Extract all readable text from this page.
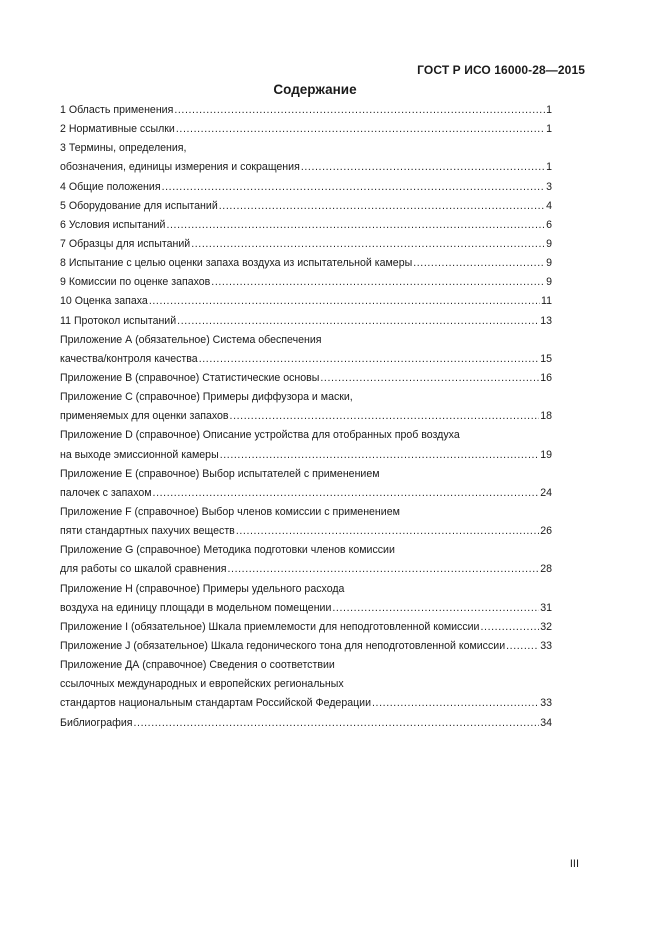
ГОСТ Р ИСО 16000-28—2015
Содержание
1 Область применения .....	1
2 Нормативные ссылки .....	1
3 Термины, определения,
обозначения, единицы измерения и сокращения .....	1
4 Общие положения .....	3
5 Оборудование для испытаний .....	4
6 Условия испытаний .....	6
7 Образцы для испытаний .....	9
8 Испытание с целью оценки запаха воздуха из испытательной камеры .....	9
9 Комиссии по оценке запахов .....	9
10 Оценка запаха .....	11
11 Протокол испытаний .....	13
Приложение А (обязательное) Система обеспечения
качества/контроля качества .....	15
Приложение В (справочное) Статистические основы .....	16
Приложение С (справочное) Примеры диффузора и маски,
применяемых для оценки запахов .....	18
Приложение D (справочное) Описание устройства для отобранных проб воздуха
на выходе эмиссионной камеры .....	19
Приложение Е (справочное) Выбор испытателей с применением
палочек с запахом .....	24
Приложение F (справочное) Выбор членов комиссии с применением
пяти стандартных пахучих веществ .....	26
Приложение G (справочное) Методика подготовки членов комиссии
для работы со шкалой сравнения .....	28
Приложение Н (справочное) Примеры удельного расхода
воздуха на единицу площади в модельном помещении .....	31
Приложение I (обязательное) Шкала приемлемости для неподготовленной комиссии .....	32
Приложение J (обязательное) Шкала гедонического тона для неподготовленной комиссии .....	33
Приложение ДА (справочное) Сведения о соответствии
ссылочных международных и европейских региональных
стандартов национальным стандартам Российской Федерации .....	33
Библиография .....	34
III
